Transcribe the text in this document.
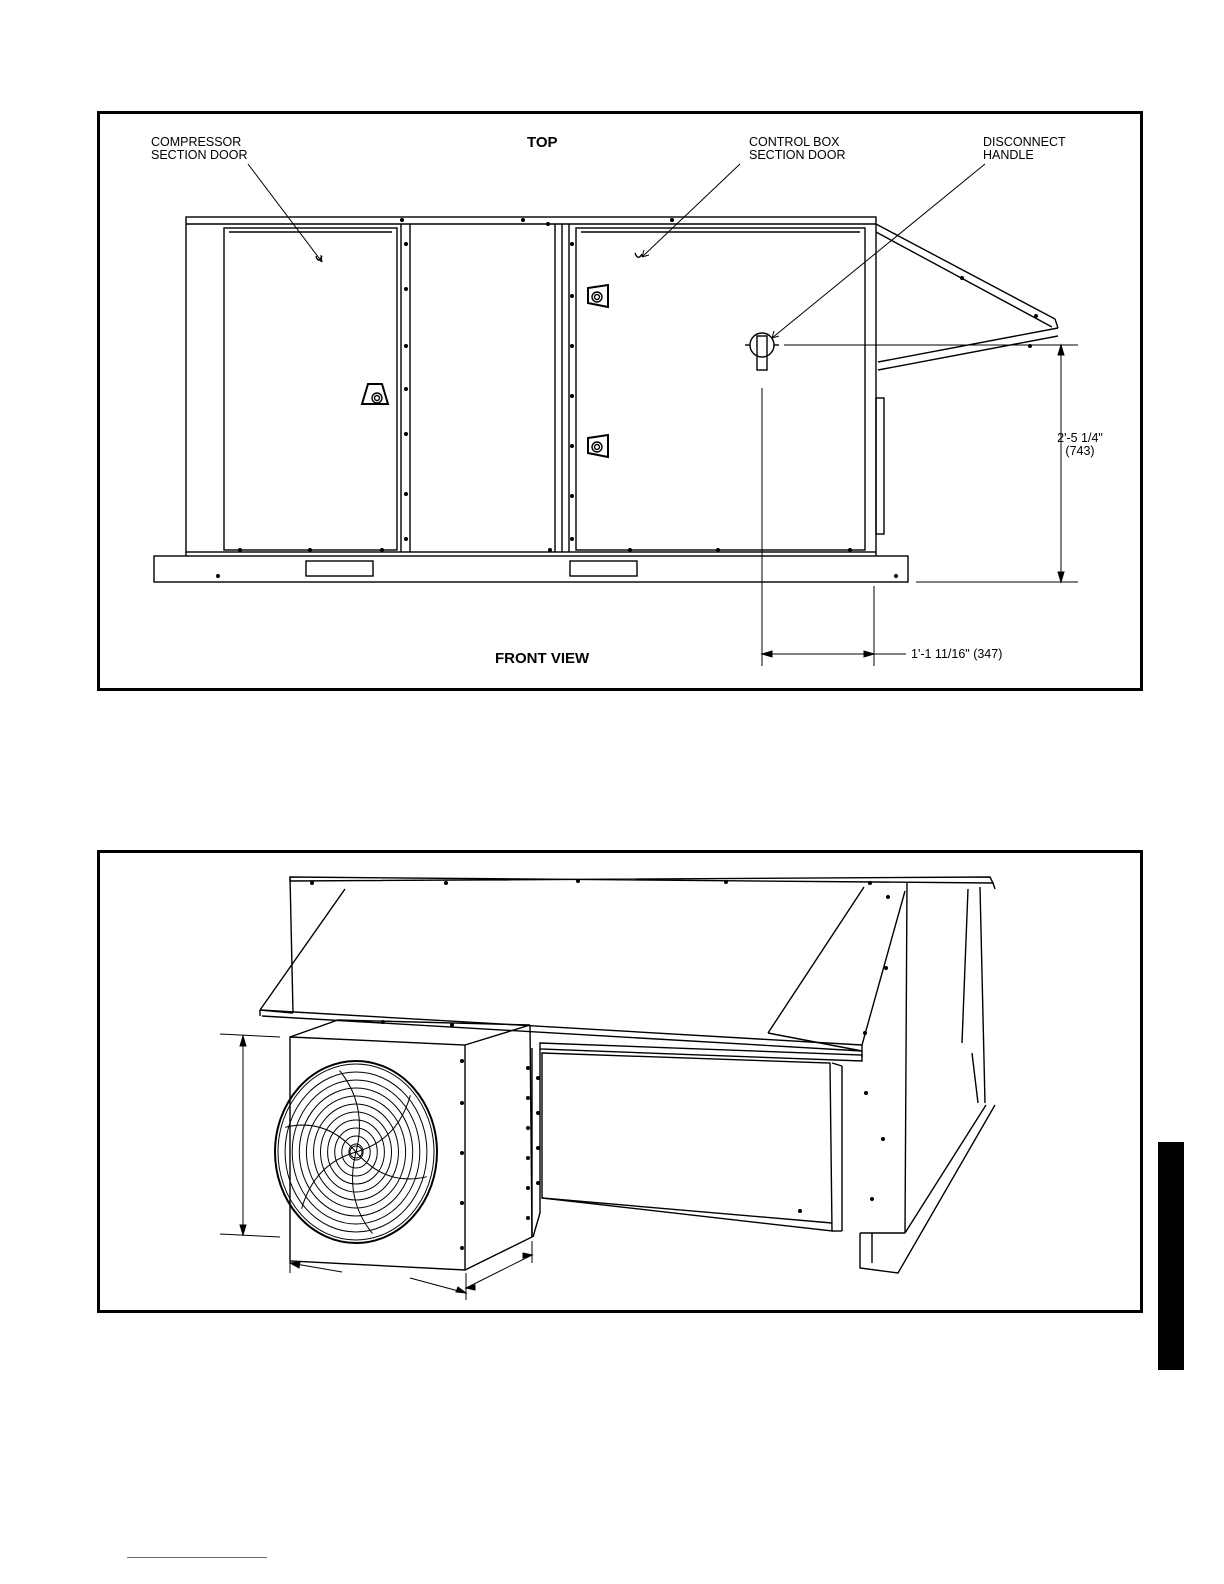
COMPRESSOR
SECTION DOOR
TOP	CONTROL BOX
SECTION DOOR
DISCONNECT
HANDLE
2'-5 1/4"
(743)
1'-1 11/16" (347)
FRONT VIEW
